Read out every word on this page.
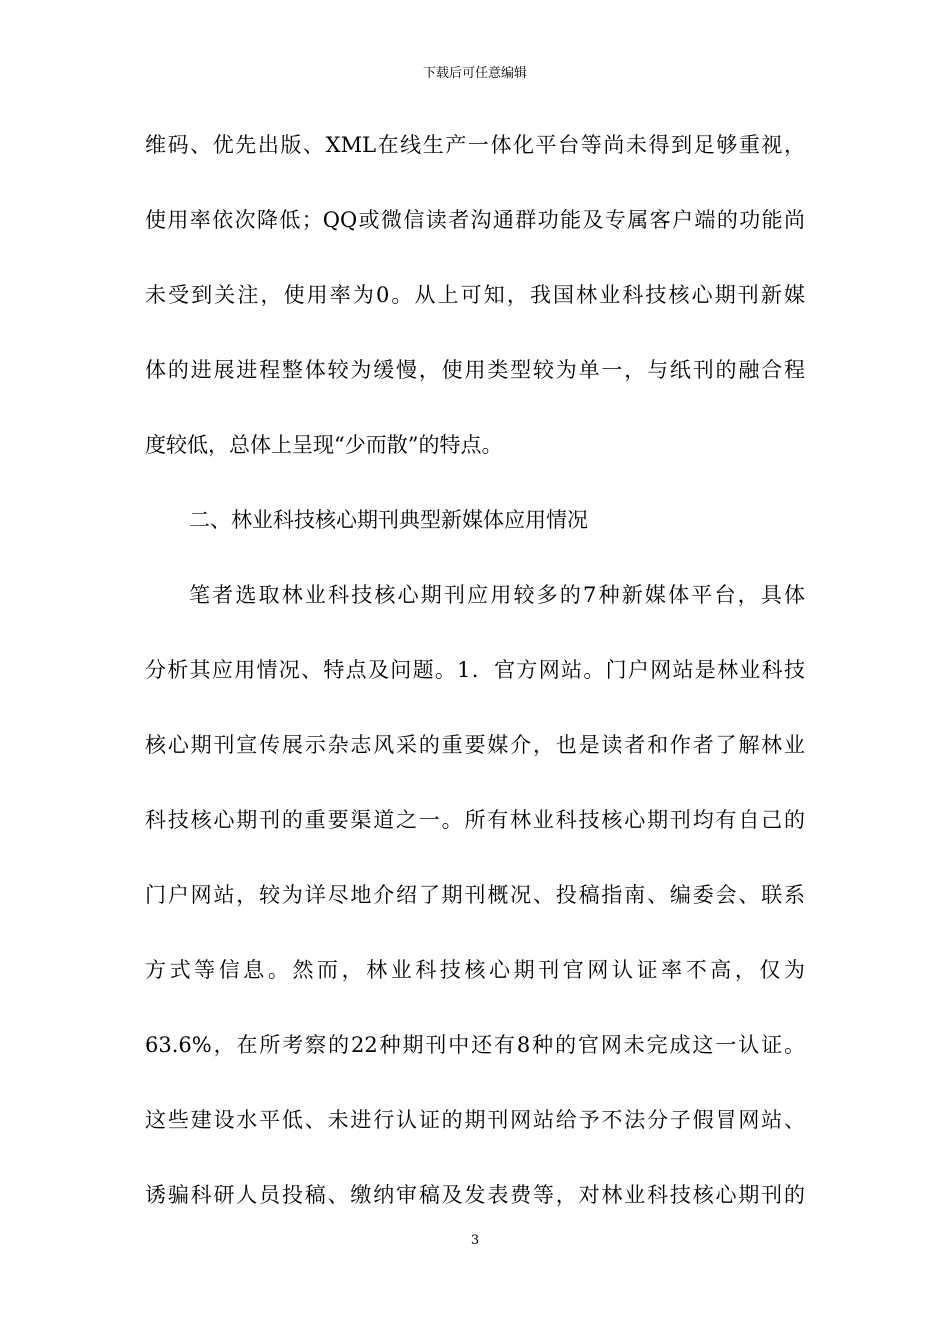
下载后可任意编辑
维码、优先出版、XML在线生产一体化平台等尚未得到足够重视，
使用率依次降低；QQ或微信读者沟通群功能及专属客户端的功能尚
未受到关注，使用率为0。从上可知，我国林业科技核心期刊新媒
体的进展进程整体较为缓慢，使用类型较为单一，与纸刊的融合程
度较低，总体上呈现“少而散”的特点。
二、林业科技核心期刊典型新媒体应用情况
笔者选取林业科技核心期刊应用较多的7种新媒体平台，具体
分析其应用情况、特点及问题。1．官方网站。门户网站是林业科技
核心期刊宣传展示杂志风采的重要媒介，也是读者和作者了解林业
科技核心期刊的重要渠道之一。所有林业科技核心期刊均有自己的
门户网站，较为详尽地介绍了期刊概况、投稿指南、编委会、联系
方式等信息。然而，林业科技核心期刊官网认证率不高，仅为
63.6%，在所考察的22种期刊中还有8种的官网未完成这一认证。
这些建设水平低、未进行认证的期刊网站给予不法分子假冒网站、
诱骗科研人员投稿、缴纳审稿及发表费等，对林业科技核心期刊的
3
